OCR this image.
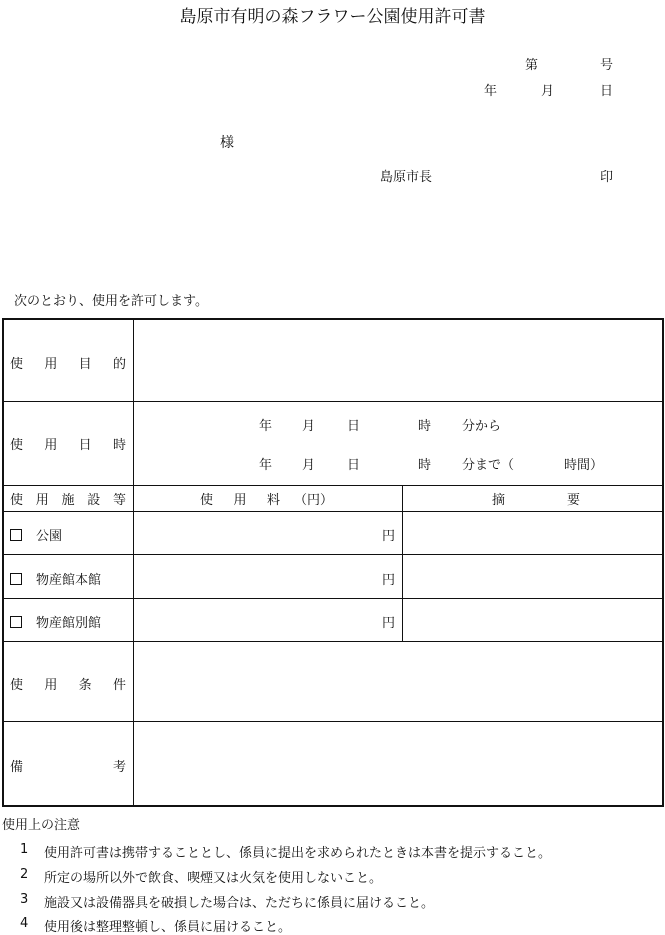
島原市有明の森フラワー公園使用許可書
第	号
年	月	日
様
島原市長	印
次のとおり、使用を許可します。
使 用 目 的
使 用 日 時
年 月 日	時 分から
年 月 日	時 分まで（	時間）
使 用 施 設 等	使 用 料 （円）	摘	要
公園	円
物産館本館	円
物産館別館	円
使 用 条 件
備	考
使用上の注意
1 使用許可書は携帯することとし、係員に提出を求められたときは本書を提示すること。
2 所定の場所以外で飲食、喫煙又は火気を使用しないこと。
3 施設又は設備器具を破損した場合は、ただちに係員に届けること。
4 使用後は整理整頓し、係員に届けること。
